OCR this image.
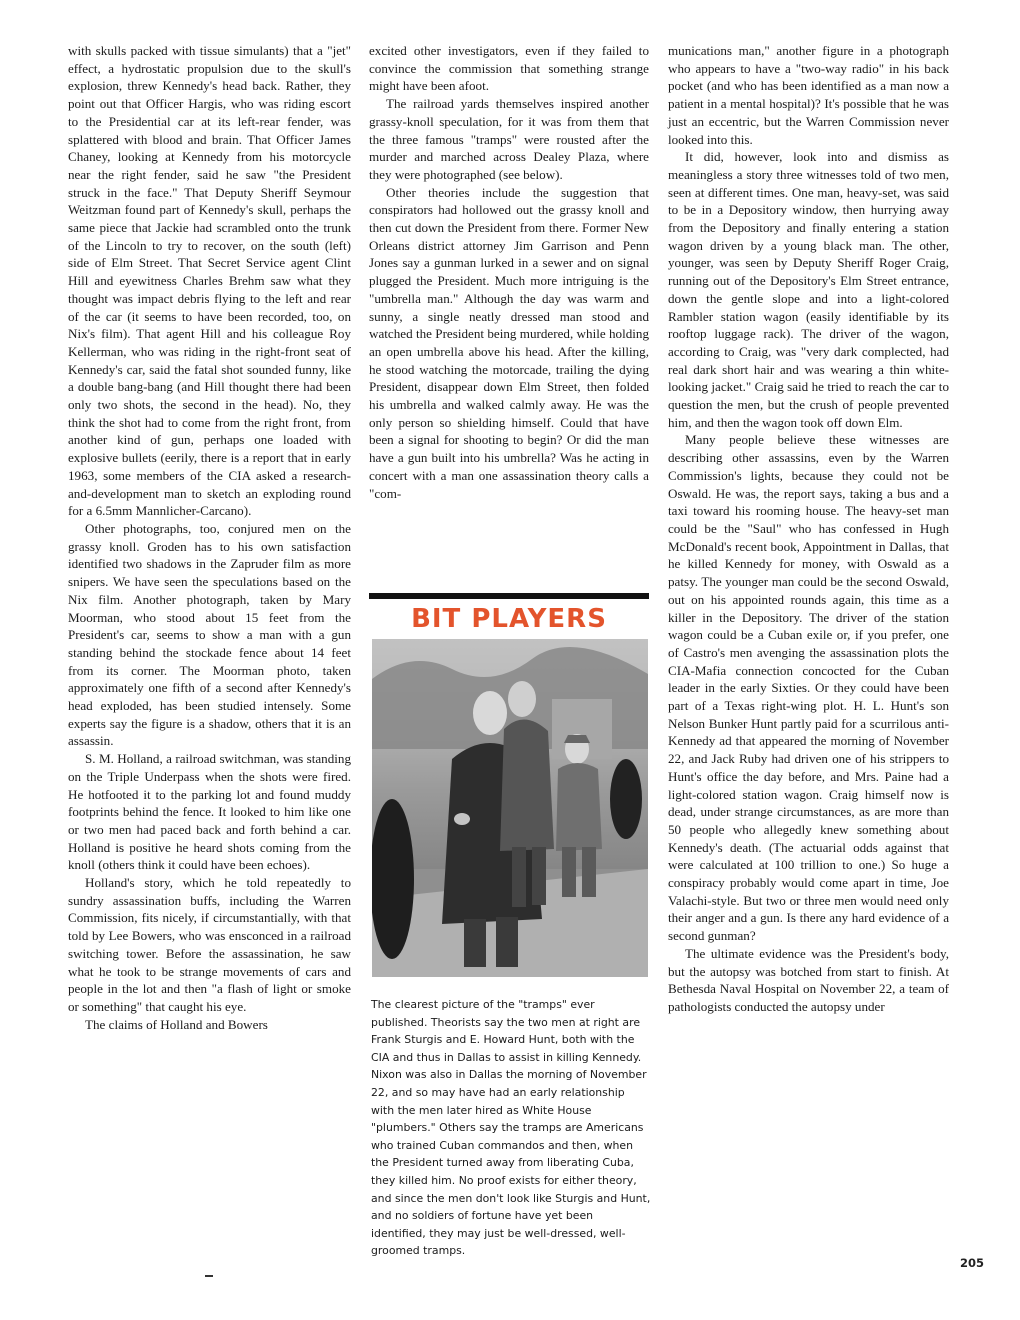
with skulls packed with tissue simulants) that a "jet" effect, a hydrostatic propulsion due to the skull's explosion, threw Kennedy's head back. Rather, they point out that Officer Hargis, who was riding escort to the Presidential car at its left-rear fender, was splattered with blood and brain. That Officer James Chaney, looking at Kennedy from his motorcycle near the right fender, said he saw "the President struck in the face." That Deputy Sheriff Seymour Weitzman found part of Kennedy's skull, perhaps the same piece that Jackie had scrambled onto the trunk of the Lincoln to try to recover, on the south (left) side of Elm Street. That Secret Service agent Clint Hill and eyewitness Charles Brehm saw what they thought was impact debris flying to the left and rear of the car (it seems to have been recorded, too, on Nix's film). That agent Hill and his colleague Roy Kellerman, who was riding in the right-front seat of Kennedy's car, said the fatal shot sounded funny, like a double bang-bang (and Hill thought there had been only two shots, the second in the head). No, they think the shot had to come from the right front, from another kind of gun, perhaps one loaded with explosive bullets (eerily, there is a report that in early 1963, some members of the CIA asked a research-and-development man to sketch an exploding round for a 6.5mm Mannlicher-Carcano).

Other photographs, too, conjured men on the grassy knoll. Groden has to his own satisfaction identified two shadows in the Zapruder film as more snipers. We have seen the speculations based on the Nix film. Another photograph, taken by Mary Moorman, who stood about 15 feet from the President's car, seems to show a man with a gun standing behind the stockade fence about 14 feet from its corner. The Moorman photo, taken approximately one fifth of a second after Kennedy's head exploded, has been studied intensely. Some experts say the figure is a shadow, others that it is an assassin.

S. M. Holland, a railroad switchman, was standing on the Triple Underpass when the shots were fired. He hotfooted it to the parking lot and found muddy footprints behind the fence. It looked to him like one or two men had paced back and forth behind a car. Holland is positive he heard shots coming from the knoll (others think it could have been echoes).

Holland's story, which he told repeatedly to sundry assassination buffs, including the Warren Commission, fits nicely, if circumstantially, with that told by Lee Bowers, who was ensconced in a railroad switching tower. Before the assassination, he saw what he took to be strange movements of cars and people in the lot and then "a flash of light or smoke or something" that caught his eye.

The claims of Holland and Bowers

excited other investigators, even if they failed to convince the commission that something strange might have been afoot.

The railroad yards themselves inspired another grassy-knoll speculation, for it was from them that the three famous "tramps" were rousted after the murder and marched across Dealey Plaza, where they were photographed (see below).

Other theories include the suggestion that conspirators had hollowed out the grassy knoll and then cut down the President from there. Former New Orleans district attorney Jim Garrison and Penn Jones say a gunman lurked in a sewer and on signal plugged the President. Much more intriguing is the "umbrella man." Although the day was warm and sunny, a single neatly dressed man stood and watched the President being murdered, while holding an open umbrella above his head. After the killing, he stood watching the motorcade, trailing the dying President, disappear down Elm Street, then folded his umbrella and walked calmly away. He was the only person so shielding himself. Could that have been a signal for shooting to begin? Or did the man have a gun built into his umbrella? Was he acting in concert with a man one assassination theory calls a "com-

BIT PLAYERS
The clearest picture of the "tramps" ever published. Theorists say the two men at right are Frank Sturgis and E. Howard Hunt, both with the CIA and thus in Dallas to assist in killing Kennedy. Nixon was also in Dallas the morning of November 22, and so may have had an early relationship with the men later hired as White House "plumbers." Others say the tramps are Americans who trained Cuban commandos and then, when the President turned away from liberating Cuba, they killed him. No proof exists for either theory, and since the men don't look like Sturgis and Hunt, and no soldiers of fortune have yet been identified, they may just be well-dressed, well-groomed tramps.

munications man," another figure in a photograph who appears to have a "two-way radio" in his back pocket (and who has been identified as a man now a patient in a mental hospital)? It's possible that he was just an eccentric, but the Warren Commission never looked into this.

It did, however, look into and dismiss as meaningless a story three witnesses told of two men, seen at different times. One man, heavy-set, was said to be in a Depository window, then hurrying away from the Depository and finally entering a station wagon driven by a young black man. The other, younger, was seen by Deputy Sheriff Roger Craig, running out of the Depository's Elm Street entrance, down the gentle slope and into a light-colored Rambler station wagon (easily identifiable by its rooftop luggage rack). The driver of the wagon, according to Craig, was "very dark complected, had real dark short hair and was wearing a thin white-looking jacket." Craig said he tried to reach the car to question the men, but the crush of people prevented him, and then the wagon took off down Elm.

Many people believe these witnesses are describing other assassins, even by the Warren Commission's lights, because they could not be Oswald. He was, the report says, taking a bus and a taxi toward his rooming house. The heavy-set man could be the "Saul" who has confessed in Hugh McDonald's recent book, Appointment in Dallas, that he killed Kennedy for money, with Oswald as a patsy. The younger man could be the second Oswald, out on his appointed rounds again, this time as a killer in the Depository. The driver of the station wagon could be a Cuban exile or, if you prefer, one of Castro's men avenging the assassination plots the CIA-Mafia connection concocted for the Cuban leader in the early Sixties. Or they could have been part of a Texas right-wing plot. H. L. Hunt's son Nelson Bunker Hunt partly paid for a scurrilous anti-Kennedy ad that appeared the morning of November 22, and Jack Ruby had driven one of his strippers to Hunt's office the day before, and Mrs. Paine had a light-colored station wagon. Craig himself now is dead, under strange circumstances, as are more than 50 people who allegedly knew something about Kennedy's death. (The actuarial odds against that were calculated at 100 trillion to one.) So huge a conspiracy probably would come apart in time, Joe Valachi-style. But two or three men would need only their anger and a gun. Is there any hard evidence of a second gunman?

The ultimate evidence was the President's body, but the autopsy was botched from start to finish. At Bethesda Naval Hospital on November 22, a team of pathologists conducted the autopsy under

205
